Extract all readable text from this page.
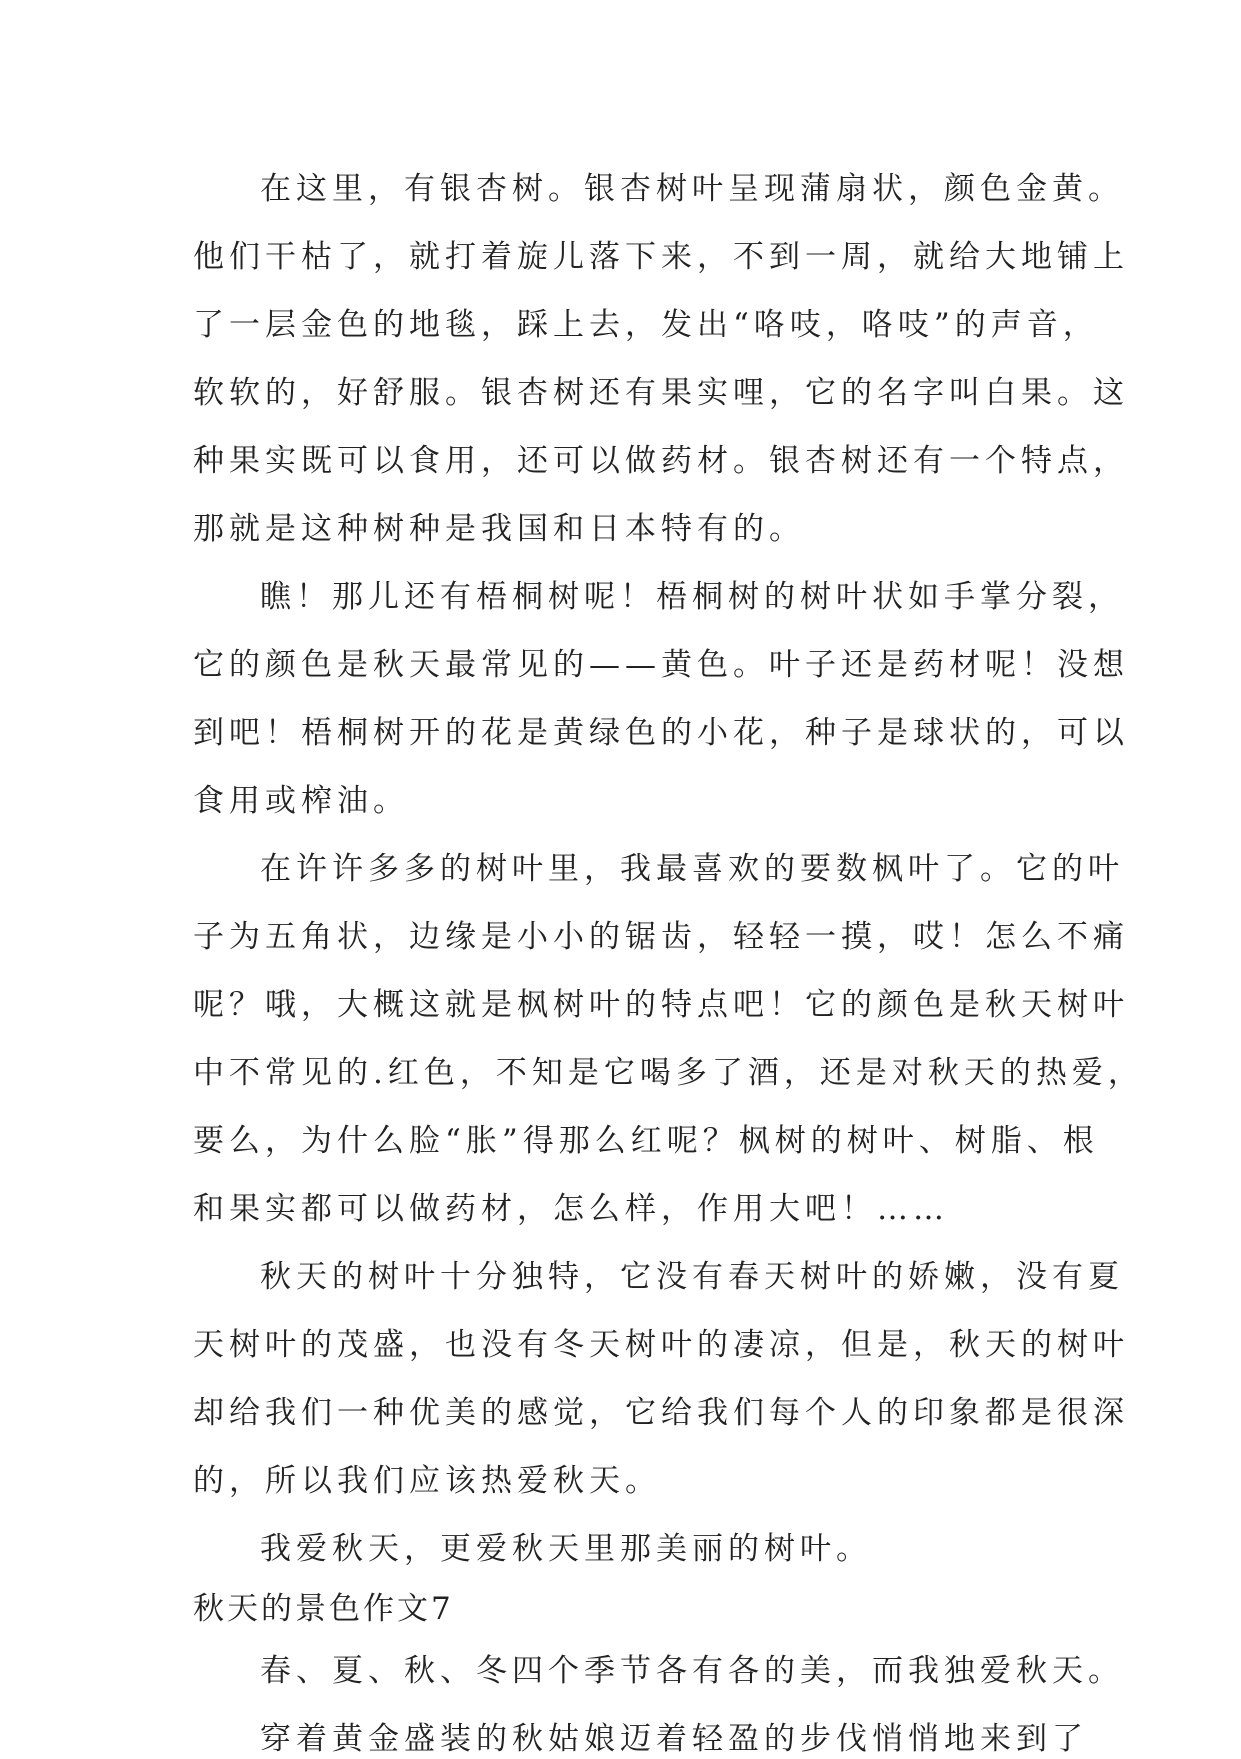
在这里，有银杏树。银杏树叶呈现蒲扇状，颜色金黄。
他们干枯了，就打着旋儿落下来，不到一周，就给大地铺上
了一层金色的地毯，踩上去，发出“咯吱，咯吱”的声音，
软软的，好舒服。银杏树还有果实哩，它的名字叫白果。这
种果实既可以食用，还可以做药材。银杏树还有一个特点，
那就是这种树种是我国和日本特有的。
瞧！那儿还有梧桐树呢！梧桐树的树叶状如手掌分裂，
它的颜色是秋天最常见的——黄色。叶子还是药材呢！没想
到吧！梧桐树开的花是黄绿色的小花，种子是球状的，可以
食用或榨油。
在许许多多的树叶里，我最喜欢的要数枫叶了。它的叶
子为五角状，边缘是小小的锯齿，轻轻一摸，哎！怎么不痛
呢？哦，大概这就是枫树叶的特点吧！它的颜色是秋天树叶
中不常见的.红色，不知是它喝多了酒，还是对秋天的热爱，
要么，为什么脸“胀”得那么红呢？枫树的树叶、树脂、根
和果实都可以做药材，怎么样，作用大吧！……
秋天的树叶十分独特，它没有春天树叶的娇嫩，没有夏
天树叶的茂盛，也没有冬天树叶的凄凉，但是，秋天的树叶
却给我们一种优美的感觉，它给我们每个人的印象都是很深
的，所以我们应该热爱秋天。
我爱秋天，更爱秋天里那美丽的树叶。
秋天的景色作文7
春、夏、秋、冬四个季节各有各的美，而我独爱秋天。
穿着黄金盛装的秋姑娘迈着轻盈的步伐悄悄地来到了
